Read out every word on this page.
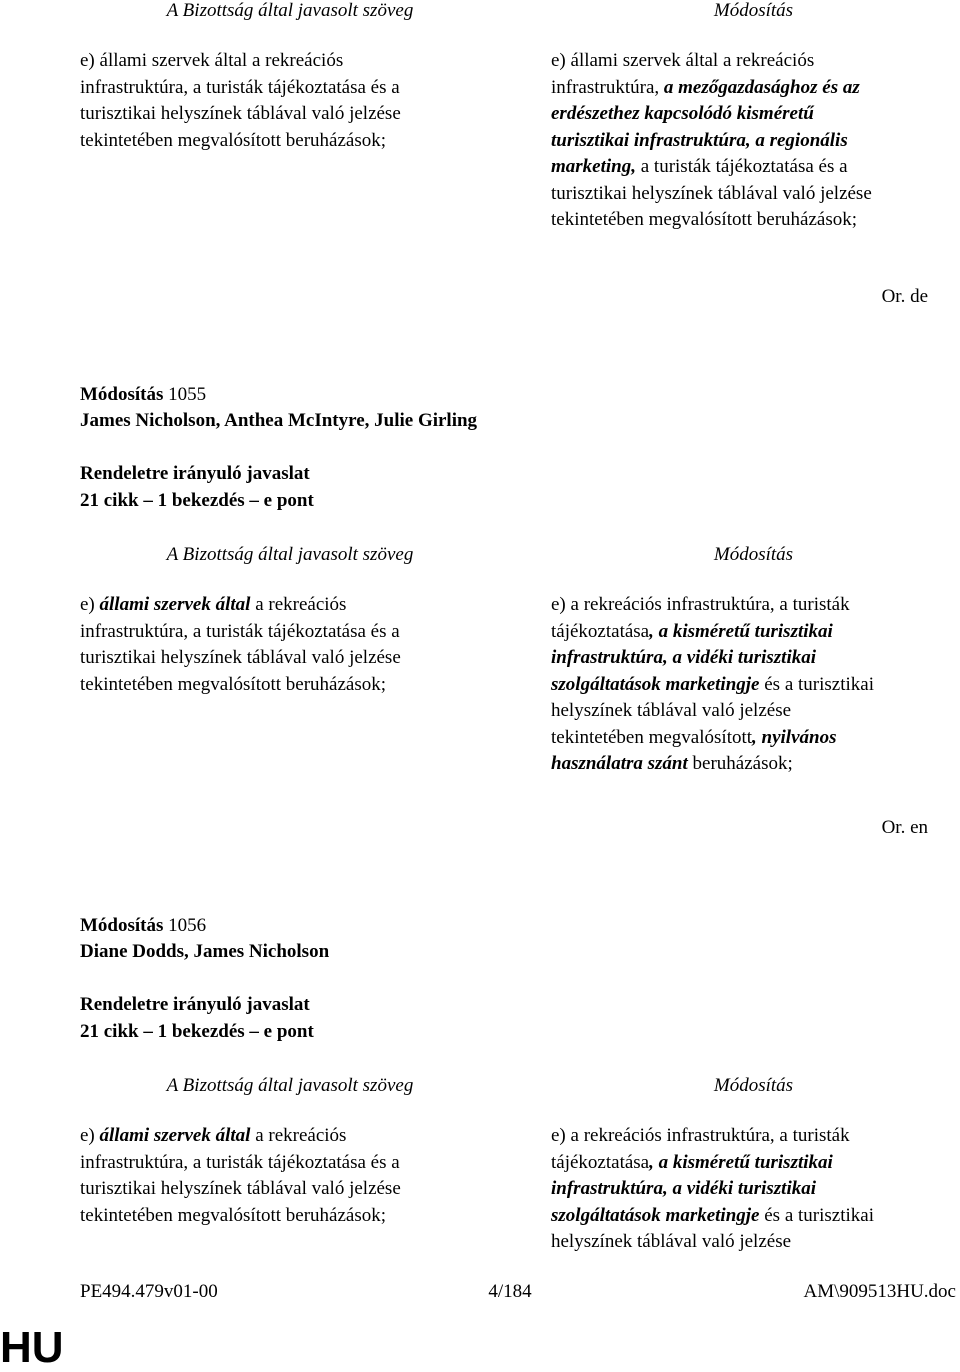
A Bizottság által javasolt szöveg	Módosítás
e) állami szervek által a rekreációs
infrastruktúra, a turisták tájékoztatása és a
turisztikai helyszínek táblával való jelzése
tekintetében megvalósított beruházások;
e) állami szervek által a rekreációs
infrastruktúra, a mezőgazdasághoz és az
erdészethez kapcsolódó kisméretű
turisztikai infrastruktúra, a regionális
marketing, a turisták tájékoztatása és a
turisztikai helyszínek táblával való jelzése
tekintetében megvalósított beruházások;
Or. de
Módosítás 1055
James Nicholson, Anthea McIntyre, Julie Girling
Rendeletre irányuló javaslat
21 cikk – 1 bekezdés – e pont
A Bizottság által javasolt szöveg	Módosítás
e) állami szervek által a rekreációs
infrastruktúra, a turisták tájékoztatása és a
turisztikai helyszínek táblával való jelzése
tekintetében megvalósított beruházások;
e) a rekreációs infrastruktúra, a turisták
tájékoztatása, a kisméretű turisztikai
infrastruktúra, a vidéki turisztikai
szolgáltatások marketingje és a turisztikai
helyszínek táblával való jelzése
tekintetében megvalósított, nyilvános
használatra szánt beruházások;
Or. en
Módosítás 1056
Diane Dodds, James Nicholson
Rendeletre irányuló javaslat
21 cikk – 1 bekezdés – e pont
A Bizottság által javasolt szöveg	Módosítás
e) állami szervek által a rekreációs
infrastruktúra, a turisták tájékoztatása és a
turisztikai helyszínek táblával való jelzése
tekintetében megvalósított beruházások;
e) a rekreációs infrastruktúra, a turisták
tájékoztatása, a kisméretű turisztikai
infrastruktúra, a vidéki turisztikai
szolgáltatások marketingje és a turisztikai
helyszínek táblával való jelzése
PE494.479v01-00	4/184	AM\909513HU.doc
HU
